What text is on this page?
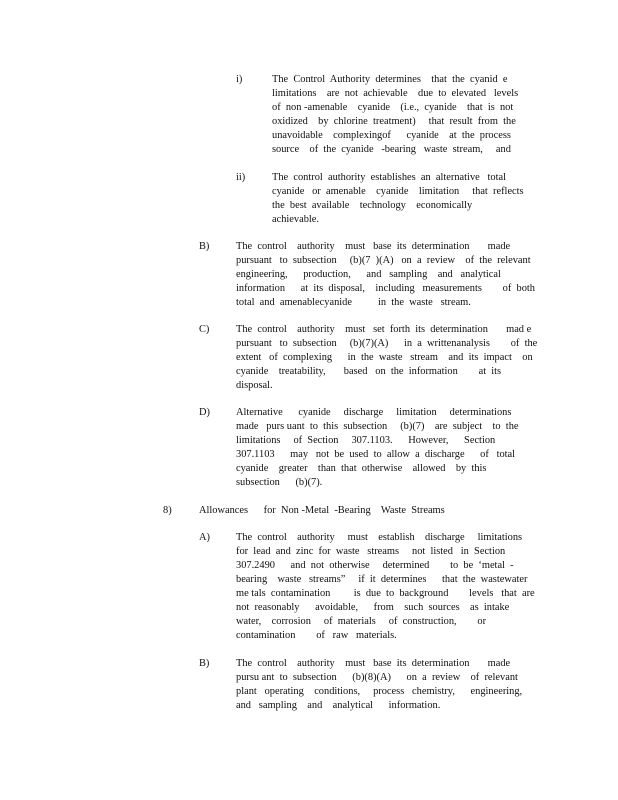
i)	The  Control  Authority  determines    that  the  cyanid  e
limitations    are  not  achievable    due  to  elevated   levels
of  non -amenable    cyanide    (i.e.,  cyanide    that  is  not
oxidized    by  chlorine  treatment)     that  result  from  the
unavoidable    complexingof      cyanide    at  the  process
source    of  the  cyanide   -bearing   waste  stream,     and
ii)	The  control  authority  establishes  an  alternative   total
cyanide   or  amenable    cyanide    limitation     that  reflects
the  best  available    technology    economically
achievable.
B)	The  control    authority    must   base  its  determination       made
pursuant   to  subsection     (b)(7  )(A)   on  a  review    of  the  relevant
engineering,      production,      and   sampling    and   analytical
information      at  its  disposal,    including   measurements        of  both
total  and  amenablecyanide          in  the  waste   stream.
C)	The  control    authority    must   set  forth  its  determination       mad e
pursuant   to  subsection     (b)(7)(A)      in  a  writtenanalysis        of  the
extent   of  complexing      in  the  waste   stream    and  its  impact    on
cyanide    treatability,       based   on  the  information        at  its
disposal.
D)	Alternative      cyanide     discharge     limitation     determinations
made   purs uant  to  this  subsection     (b)(7)    are  subject    to  the
limitations     of  Section     307.1103.      However,      Section
307.1103      may   not  be  used  to  allow  a  discharge      of   total
cyanide    greater    than  that  otherwise    allowed    by  this
subsection      (b)(7).
8)	Allowances      for  Non -Metal  -Bearing    Waste  Streams
A)	The  control    authority     must    establish    discharge     limitations
for  lead  and  zinc  for  waste   streams     not  listed   in  Section
307.2490      and  not  otherwise     determined        to  be  ‘metal  -
bearing    waste   streams”     if  it  determines      that  the  wastewater
me tals  contamination         is  due  to  background        levels   that  are
not  reasonably      avoidable,      from    such  sources    as  intake
water,    corrosion     of  materials     of  construction,        or
contamination        of   raw   materials.
B)	The  control    authority    must   base  its  determination       made
pursu ant  to  subsection      (b)(8)(A)      on  a  review    of  relevant
plant   operating    conditions,     process   chemistry,      engineering,
and   sampling    and    analytical      information.
